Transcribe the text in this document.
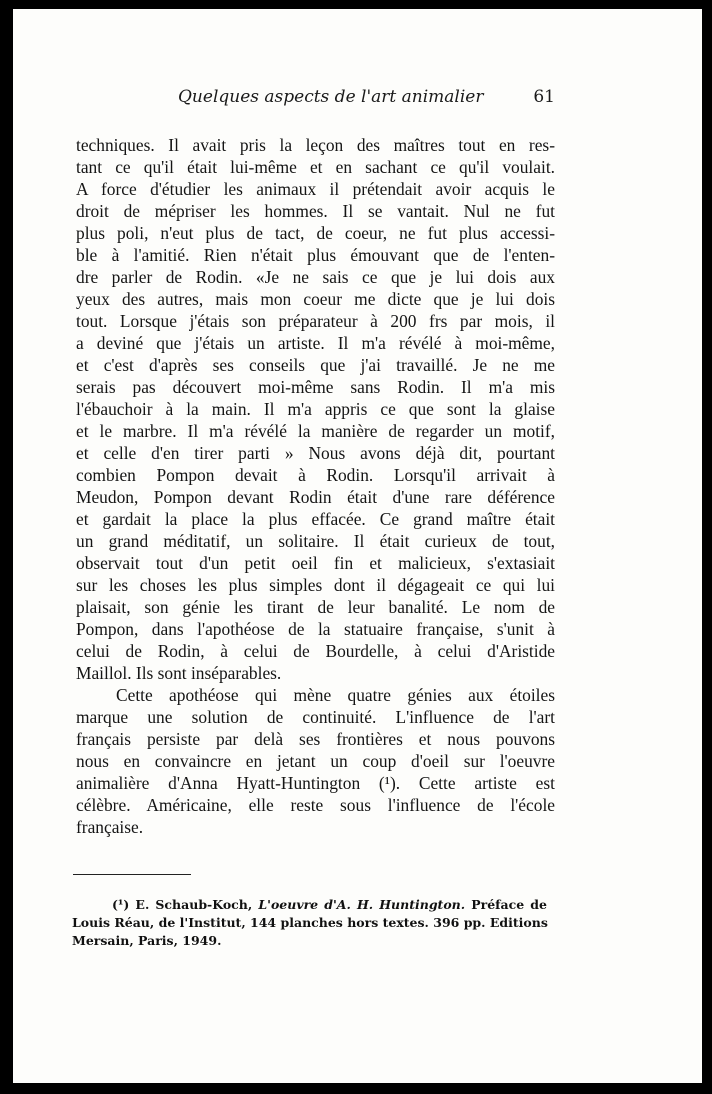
Quelques aspects de l'art animalier	61
techniques. Il avait pris la leçon des maîtres tout en res-
tant ce qu'il était lui-même et en sachant ce qu'il voulait.
A force d'étudier les animaux il prétendait avoir acquis le
droit de mépriser les hommes. Il se vantait. Nul ne fut
plus poli, n'eut plus de tact, de coeur, ne fut plus accessi-
ble à l'amitié. Rien n'était plus émouvant que de l'enten-
dre parler de Rodin. «Je ne sais ce que je lui dois aux
yeux des autres, mais mon coeur me dicte que je lui dois
tout. Lorsque j'étais son préparateur à 200 frs par mois, il
a deviné que j'étais un artiste. Il m'a révélé à moi-même,
et c'est d'après ses conseils que j'ai travaillé. Je ne me
serais pas découvert moi-même sans Rodin. Il m'a mis
l'ébauchoir à la main. Il m'a appris ce que sont la glaise
et le marbre. Il m'a révélé la manière de regarder un motif,
et celle d'en tirer parti » Nous avons déjà dit, pourtant
combien Pompon devait à Rodin. Lorsqu'il arrivait à
Meudon, Pompon devant Rodin était d'une rare déférence
et gardait la place la plus effacée. Ce grand maître était
un grand méditatif, un solitaire. Il était curieux de tout,
observait tout d'un petit oeil fin et malicieux, s'extasiait
sur les choses les plus simples dont il dégageait ce qui lui
plaisait, son génie les tirant de leur banalité. Le nom de
Pompon, dans l'apothéose de la statuaire française, s'unit à
celui de Rodin, à celui de Bourdelle, à celui d'Aristide
Maillol. Ils sont inséparables.
Cette apothéose qui mène quatre génies aux étoiles
marque une solution de continuité. L'influence de l'art
français persiste par delà ses frontières et nous pouvons
nous en convaincre en jetant un coup d'oeil sur l'oeuvre
animalière d'Anna Hyatt-Huntington (¹). Cette artiste est
célèbre. Américaine, elle reste sous l'influence de l'école
française.
(¹) E. Schaub-Koch, L'oeuvre d'A. H. Huntington. Préface de
Louis Réau, de l'Institut, 144 planches hors textes. 396 pp. Editions
Mersain, Paris, 1949.
